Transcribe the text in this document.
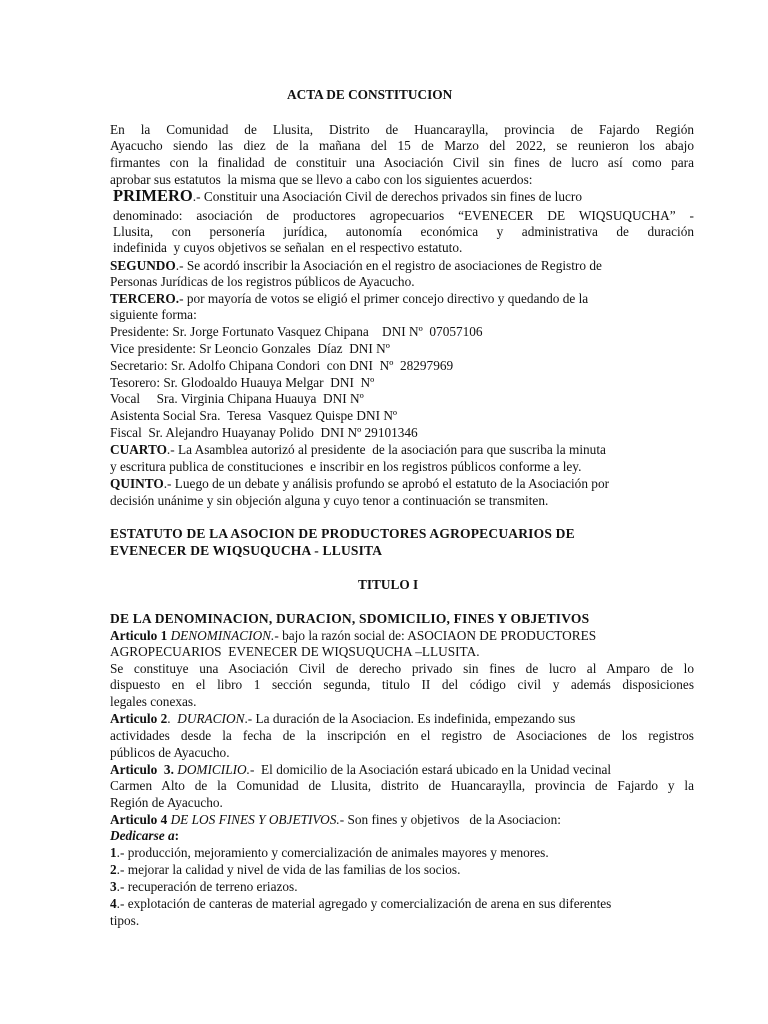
ACTA DE CONSTITUCION
En la Comunidad de Llusita, Distrito de Huancaraylla, provincia de Fajardo Región
Ayacucho siendo las diez de la mañana del 15 de Marzo del 2022, se reunieron los abajo
firmantes con la finalidad de constituir una Asociación Civil sin fines de lucro así como para
aprobar sus estatutos  la misma que se llevo a cabo con los siguientes acuerdos:
PRIMERO.- Constituir una Asociación Civil de derechos privados sin fines de lucro
denominado: asociación de productores agropecuarios “EVENECER DE WIQSUQUCHA” -
Llusita, con personería jurídica, autonomía económica y administrativa de duración
indefinida  y cuyos objetivos se señalan  en el respectivo estatuto.
SEGUNDO.- Se acordó inscribir la Asociación en el registro de asociaciones de Registro de
Personas Jurídicas de los registros públicos de Ayacucho.
TERCERO.- por mayoría de votos se eligió el primer concejo directivo y quedando de la
siguiente forma:
Presidente: Sr. Jorge Fortunato Vasquez Chipana    DNI Nº  07057106
Vice presidente: Sr Leoncio Gonzales  Díaz  DNI Nº
Secretario: Sr. Adolfo Chipana Condori  con DNI  Nº  28297969
Tesorero: Sr. Glodoaldo Huauya Melgar  DNI  Nº
Vocal     Sra. Virginia Chipana Huauya  DNI Nº
Asistenta Social Sra.  Teresa  Vasquez Quispe DNI Nº
Fiscal  Sr. Alejandro Huayanay Polido  DNI Nº 29101346
CUARTO.- La Asamblea autorizó al presidente  de la asociación para que suscriba la minuta
y escritura publica de constituciones  e inscribir en los registros públicos conforme a ley.
QUINTO.- Luego de un debate y análisis profundo se aprobó el estatuto de la Asociación por
decisión unánime y sin objeción alguna y cuyo tenor a continuación se transmiten.
ESTATUTO DE LA ASOCION DE PRODUCTORES AGROPECUARIOS DE
EVENECER DE WIQSUQUCHA - LLUSITA
TITULO I
DE LA DENOMINACION, DURACION, SDOMICILIO, FINES Y OBJETIVOS
Articulo 1 DENOMINACION.- bajo la razón social de: ASOCIAON DE PRODUCTORES
AGROPECUARIOS  EVENECER DE WIQSUQUCHA –LLUSITA.
Se constituye una Asociación Civil de derecho privado sin fines de lucro al Amparo de lo
dispuesto en el libro 1 sección segunda, titulo II del código civil y además disposiciones
legales conexas.
Articulo 2.  DURACION.- La duración de la Asociacion. Es indefinida, empezando sus
actividades desde la fecha de la inscripción en el registro de Asociaciones de los registros
públicos de Ayacucho.
Articulo  3. DOMICILIO.-  El domicilio de la Asociación estará ubicado en la Unidad vecinal
Carmen Alto de la Comunidad de Llusita, distrito de Huancaraylla, provincia de Fajardo y la
Región de Ayacucho.
Articulo 4 DE LOS FINES Y OBJETIVOS.- Son fines y objetivos   de la Asociacion:
Dedicarse a:
1.- producción, mejoramiento y comercialización de animales mayores y menores.
2.- mejorar la calidad y nivel de vida de las familias de los socios.
3.- recuperación de terreno eriazos.
4.- explotación de canteras de material agregado y comercialización de arena en sus diferentes
tipos.
